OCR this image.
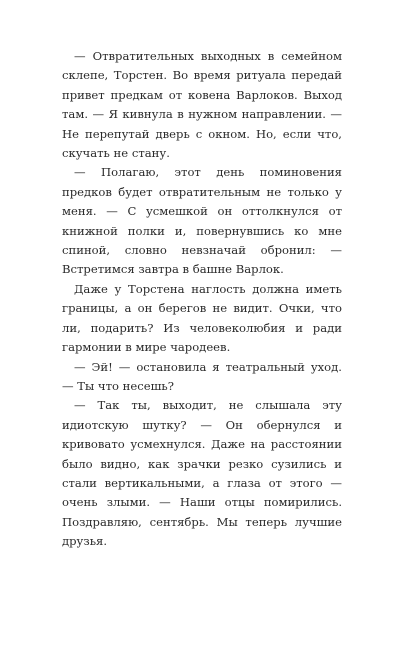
— Отвратительных выходных в семейном склепе, Торстен. Во время ритуала передай привет предкам от ковена Варлоков. Выход там. — Я кивнула в нужном направлении. — Не перепутай дверь с окном. Но, если что, скучать не стану.

— Полагаю, этот день поминовения предков будет отвратительным не только у меня. — С усмешкой он оттолкнулся от книжной полки и, повернувшись ко мне спиной, словно невзначай обронил: — Встретимся завтра в башне Варлок.

Даже у Торстена наглость должна иметь границы, а он берегов не видит. Очки, что ли, подарить? Из человеколюбия и ради гармонии в мире чародеев.

— Эй! — остановила я театральный уход. — Ты что несешь?

— Так ты, выходит, не слышала эту идиотскую шутку? — Он обернулся и кривовато усмехнулся. Даже на расстоянии было видно, как зрачки резко сузились и стали вертикальными, а глаза от этого — очень злыми. — Наши отцы помирились. Поздравляю, сентябрь. Мы теперь лучшие друзья.
